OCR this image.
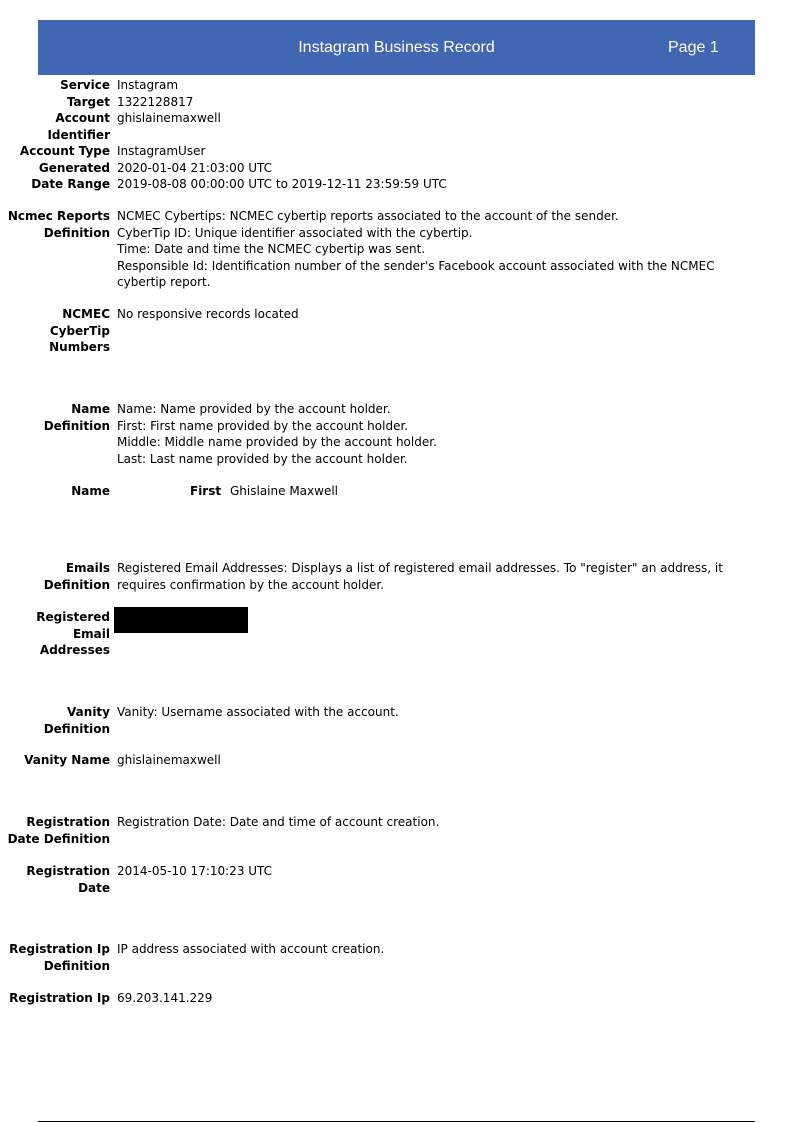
Instagram Business Record	Page 1
Service Instagram
Target 1322128817
Account
Identifier
ghislainemaxwell
Account Type InstagramUser
Generated 2020-01-04 21:03:00 UTC
Date Range 2019-08-08 00:00:00 UTC to 2019-12-11 23:59:59 UTC
Ncmec Reports
Definition
NCMEC Cybertips: NCMEC cybertip reports associated to the account of the sender.
CyberTip ID: Unique identifier associated with the cybertip.
Time: Date and time the NCMEC cybertip was sent.
Responsible Id: Identification number of the sender's Facebook account associated with the NCMEC
cybertip report.
NCMEC
CyberTip
Numbers
No responsive records located
Name
Definition
Name: Name provided by the account holder.
First: First name provided by the account holder.
Middle: Middle name provided by the account holder.
Last: Last name provided by the account holder.
Name	First Ghislaine Maxwell
Emails
Definition
Registered Email Addresses: Displays a list of registered email addresses. To "register" an address, it
requires confirmation by the account holder.
Registered
Email
Addresses
Vanity
Definition
Vanity: Username associated with the account.
Vanity Name ghislainemaxwell
Registration
Date Definition
Registration Date: Date and time of account creation.
Registration
Date
2014-05-10 17:10:23 UTC
Registration Ip
Definition
IP address associated with account creation.
Registration Ip 69.203.141.229
